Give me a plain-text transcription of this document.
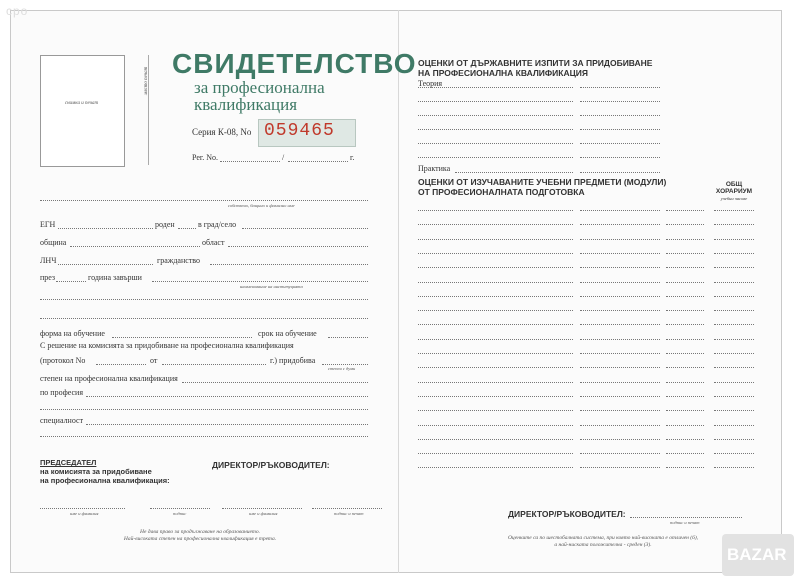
cpo
снимка и печат
място печат
СВИДЕТЕЛСТВО
за професионална
квалификация
Серия К-08, No 059465
Рег. No.	/	г.
собствено, бащино и фамилно име
ЕГН	роден	в град/село
община	област
ЛНЧ	гражданство
през	година завърши
наименование на институцията
форма на обучение	срок на обучение
С решение на комисията за придобиване на професионална квалификация
(протокол No	от	г.) придобива
степен с думи
степен на професионална квалификация
по професия
специалност
ПРЕДСЕДАТЕЛ
на комисията за придобиване
на професионална квалификация:
ДИРЕКТОР/РЪКОВОДИТЕЛ:
име и фамилия	подпис	име и фамилия	подпис и печат
Не дава право за продължаване на образованието.
Най-високата степен на професионална квалификация е трета.
ОЦЕНКИ ОТ ДЪРЖАВНИТЕ ИЗПИТИ ЗА ПРИДОБИВАНЕ
НА ПРОФЕСИОНАЛНА КВАЛИФИКАЦИЯ
Теория
Практика
ОЦЕНКИ ОТ ИЗУЧАВАНИТЕ УЧЕБНИ ПРЕДМЕТИ (МОДУЛИ)
ОТ ПРОФЕСИОНАЛНАТА ПОДГОТОВКА
ОБЩ
ХОРАРИУМ
учебни часове
ДИРЕКТОР/РЪКОВОДИТЕЛ:
подпис и печат
Оценките са по шестобалната система, при която най-високата е отличен (6),
а най-ниската положителна - среден (3).	BAZAR
